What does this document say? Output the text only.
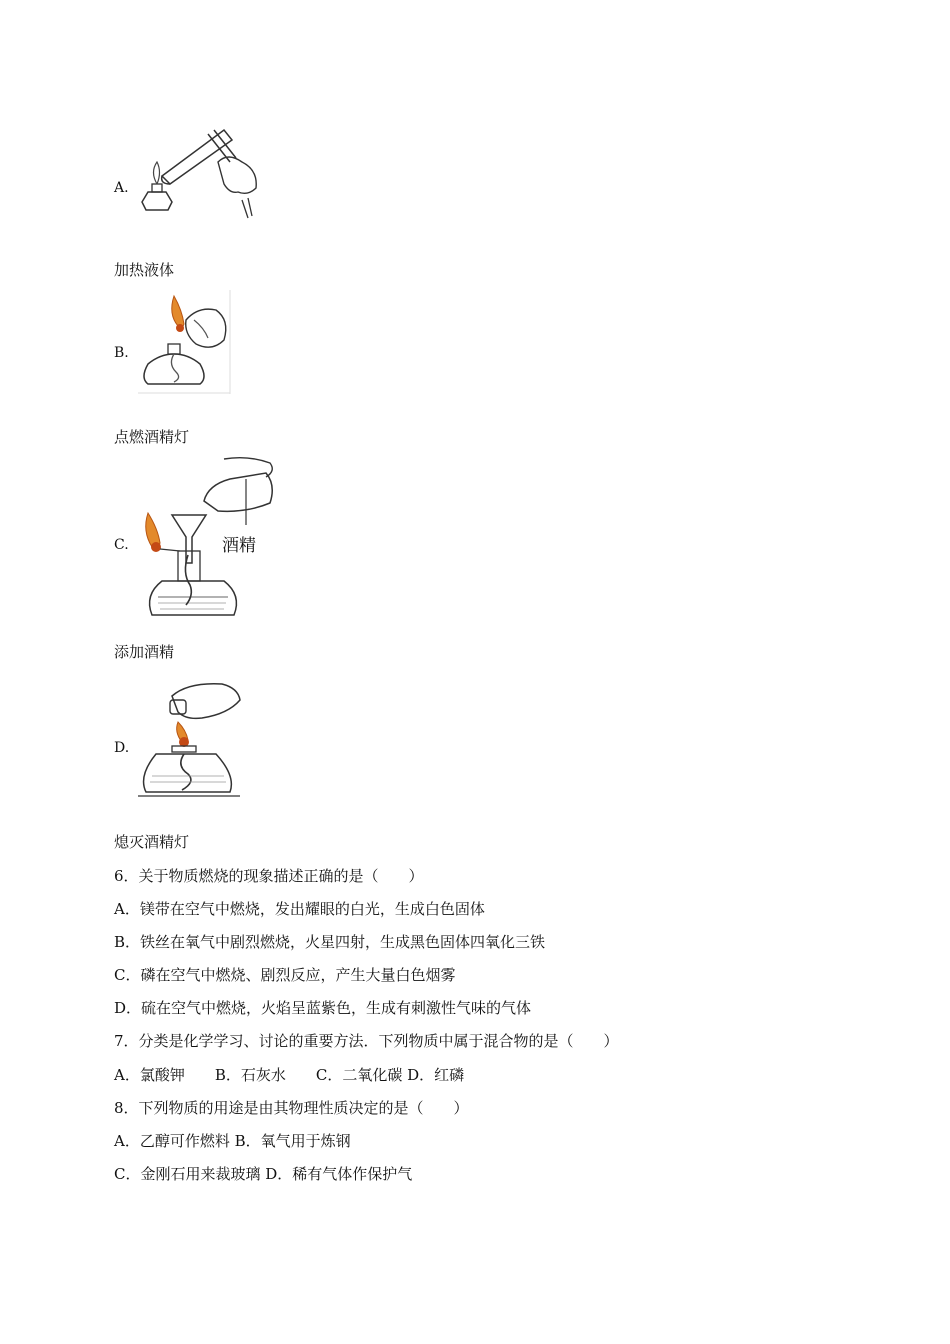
A.
加热液体
B.
点燃酒精灯
C.	酒精
添加酒精
D.
熄灭酒精灯
6．关于物质燃烧的现象描述正确的是（　　）
A．镁带在空气中燃烧，发出耀眼的白光，生成白色固体
B．铁丝在氧气中剧烈燃烧，火星四射，生成黑色固体四氧化三铁
C．磷在空气中燃烧、剧烈反应，产生大量白色烟雾
D．硫在空气中燃烧，火焰呈蓝紫色，生成有刺激性气味的气体
7．分类是化学学习、讨论的重要方法．下列物质中属于混合物的是（　　）
A．氯酸钾　　B．石灰水　　C．二氧化碳 D．红磷
8．下列物质的用途是由其物理性质决定的是（　　）
A．乙醇可作燃料 B．氧气用于炼钢
C．金刚石用来裁玻璃 D．稀有气体作保护气
